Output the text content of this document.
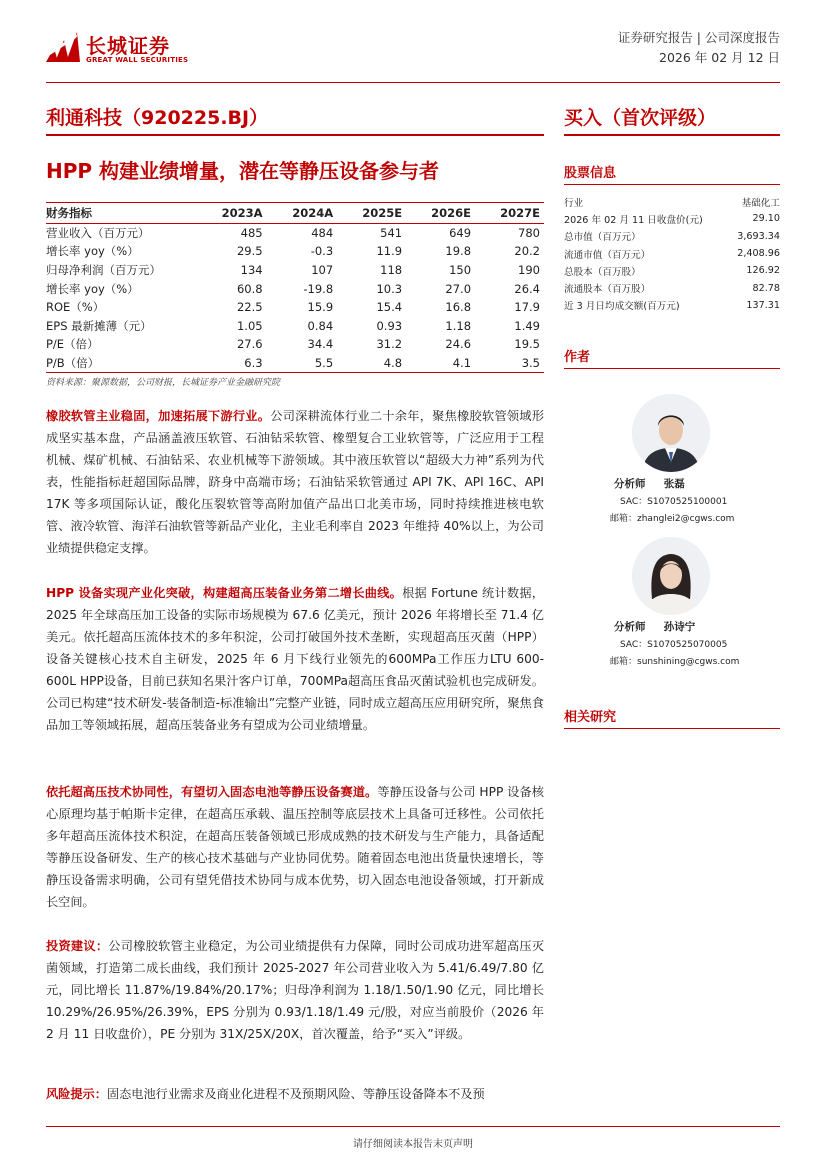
长城证券
GREAT WALL SECURITIES
证券研究报告 | 公司深度报告
2026 年 02 月 12 日
利通科技（920225.BJ）	买入（首次评级）
HPP 构建业绩增量，潜在等静压设备参与者
财务指标	2023A	2024A	2025E	2026E	2027E
营业收入（百万元）	485	484	541	649	780
增长率 yoy（%）	29.5	-0.3	11.9	19.8	20.2
归母净利润（百万元）	134	107	118	150	190
增长率 yoy（%）	60.8	-19.8	10.3	27.0	26.4
ROE（%）	22.5	15.9	15.4	16.8	17.9
EPS 最新摊薄（元）	1.05	0.84	0.93	1.18	1.49
P/E（倍）	27.6	34.4	31.2	24.6	19.5
P/B（倍）	6.3	5.5	4.8	4.1	3.5
资料来源：聚源数据，公司财报，长城证券产业金融研究院
橡胶软管主业稳固，加速拓展下游行业。公司深耕流体行业二十余年，聚焦橡胶软管领域形成坚实基本盘，产品涵盖液压软管、石油钻采软管、橡塑复合工业软管等，广泛应用于工程机械、煤矿机械、石油钻采、农业机械等下游领域。其中液压软管以“超级大力神”系列为代表，性能指标赶超国际品牌，跻身中高端市场；石油钻采软管通过 API 7K、API 16C、API 17K 等多项国际认证，酸化压裂软管等高附加值产品出口北美市场，同时持续推进核电软管、液冷软管、海洋石油软管等新品产业化，主业毛利率自 2023 年维持 40%以上，为公司业绩提供稳定支撑。
HPP 设备实现产业化突破，构建超高压装备业务第二增长曲线。根据 Fortune 统计数据，2025 年全球高压加工设备的实际市场规模为 67.6 亿美元，预计 2026 年将增长至 71.4 亿美元。依托超高压流体技术的多年积淀，公司打破国外技术垄断，实现超高压灭菌（HPP）设备关键核心技术自主研发，2025 年 6 月下线行业领先的600MPa工作压力LTU 600-600L HPP设备，目前已获知名果汁客户订单，700MPa超高压食品灭菌试验机也完成研发。公司已构建“技术研发-装备制造-标准输出”完整产业链，同时成立超高压应用研究所，聚焦食品加工等领域拓展，超高压装备业务有望成为公司业绩增量。
依托超高压技术协同性，有望切入固态电池等静压设备赛道。等静压设备与公司 HPP 设备核心原理均基于帕斯卡定律，在超高压承载、温压控制等底层技术上具备可迁移性。公司依托多年超高压流体技术积淀，在超高压装备领域已形成成熟的技术研发与生产能力，具备适配等静压设备研发、生产的核心技术基础与产业协同优势。随着固态电池出货量快速增长，等静压设备需求明确，公司有望凭借技术协同与成本优势，切入固态电池设备领域，打开新成长空间。
投资建议：公司橡胶软管主业稳定，为公司业绩提供有力保障，同时公司成功进军超高压灭菌领域，打造第二成长曲线，我们预计 2025-2027 年公司营业收入为 5.41/6.49/7.80 亿元，同比增长 11.87%/19.84%/20.17%；归母净利润为 1.18/1.50/1.90 亿元，同比增长 10.29%/26.95%/26.39%，EPS 分别为 0.93/1.18/1.49 元/股，对应当前股价（2026 年 2 月 11 日收盘价），PE 分别为 31X/25X/20X，首次覆盖，给予“买入”评级。
风险提示：固态电池行业需求及商业化进程不及预期风险、等静压设备降本不及预
股票信息
行业	基础化工
2026 年 02 月 11 日收盘价(元)	29.10
总市值（百万元）	3,693.34
流通市值（百万元）	2,408.96
总股本（百万股）	126.92
流通股本（百万股）	82.78
近 3 月日均成交额(百万元)	137.31
作者
分析师 张磊
SAC：S1070525100001
邮箱：zhanglei2@cgws.com
分析师 孙诗宁
SAC：S1070525070005
邮箱：sunshining@cgws.com
相关研究
请仔细阅读本报告末页声明
